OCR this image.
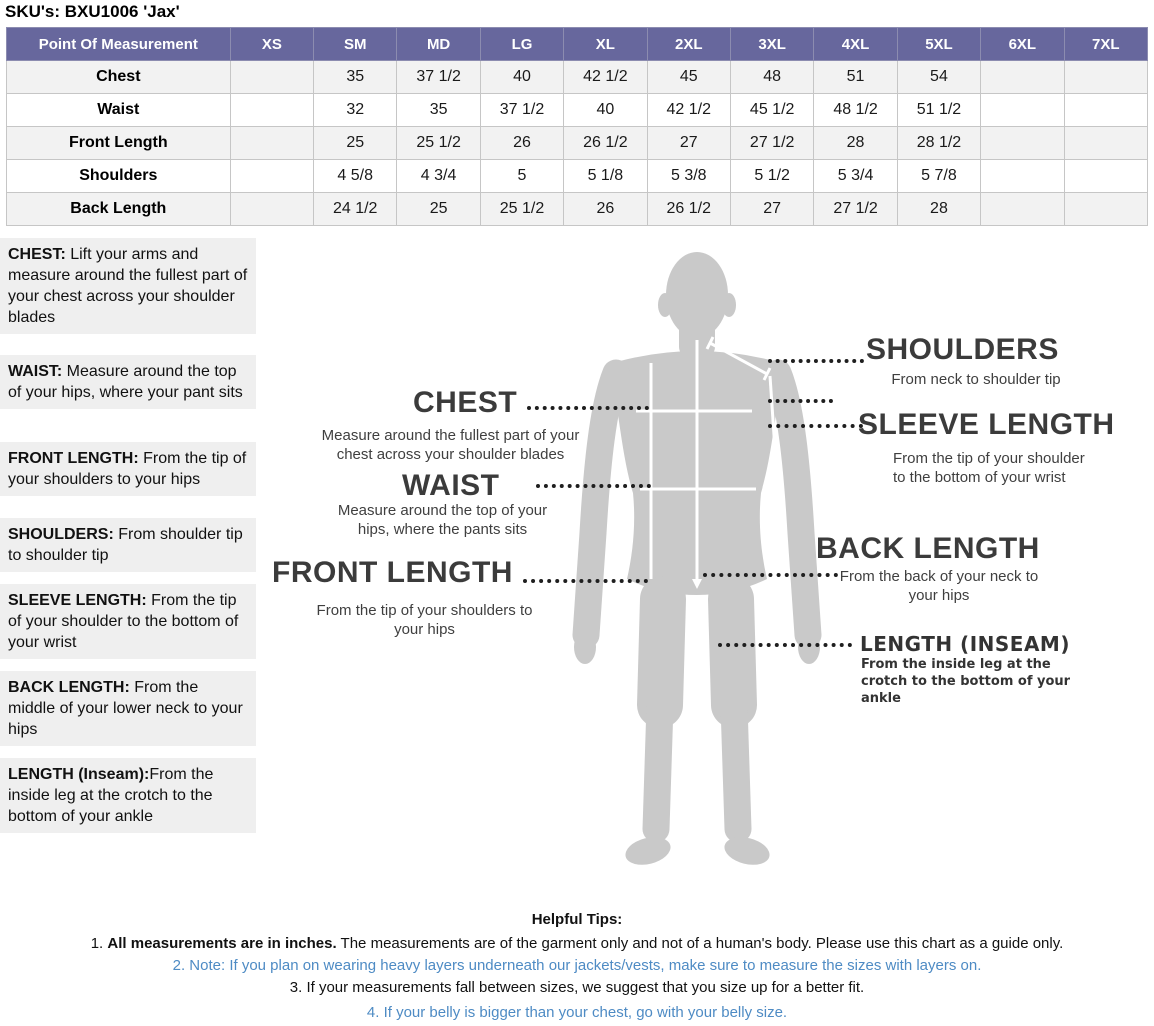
SKU's: BXU1006 'Jax'
Point Of Measurement	XS	SM	MD	LG	XL	2XL	3XL	4XL	5XL	6XL	7XL
Chest		35	37 1/2	40	42 1/2	45	48	51	54		
Waist		32	35	37 1/2	40	42 1/2	45 1/2	48 1/2	51 1/2		
Front Length		25	25 1/2	26	26 1/2	27	27 1/2	28	28 1/2		
Shoulders		4 5/8	4 3/4	5	5 1/8	5 3/8	5 1/2	5 3/4	5 7/8		
Back Length		24 1/2	25	25 1/2	26	26 1/2	27	27 1/2	28		
CHEST: Lift your arms and measure around the fullest part of your chest across your shoulder blades
WAIST: Measure around the top of your hips, where your pant sits
FRONT LENGTH: From the tip of your shoulders to your hips
SHOULDERS: From shoulder tip to shoulder tip
SLEEVE LENGTH: From the tip of your shoulder to the bottom of your wrist
BACK LENGTH: From the middle of your lower neck to your hips
LENGTH (Inseam):From the inside leg at the crotch to the bottom of your ankle
CHEST
Measure around the fullest part of your chest across your shoulder blades
WAIST
Measure around the top of your hips, where the pants sits
FRONT LENGTH
From the tip of your shoulders to your hips
SHOULDERS
From neck to shoulder tip
SLEEVE LENGTH
From the tip of your shoulder to the bottom of your wrist
BACK LENGTH
From the back of your neck to your hips
LENGTH (INSEAM)
From the inside leg at the crotch to the bottom of your ankle
Helpful Tips:
1. All measurements are in inches. The measurements are of the garment only and not of a human's body. Please use this chart as a guide only.
2. Note: If you plan on wearing heavy layers underneath our jackets/vests, make sure to measure the sizes with layers on.
3. If your measurements fall between sizes, we suggest that you size up for a better fit.
4. If your belly is bigger than your chest, go with your belly size.
